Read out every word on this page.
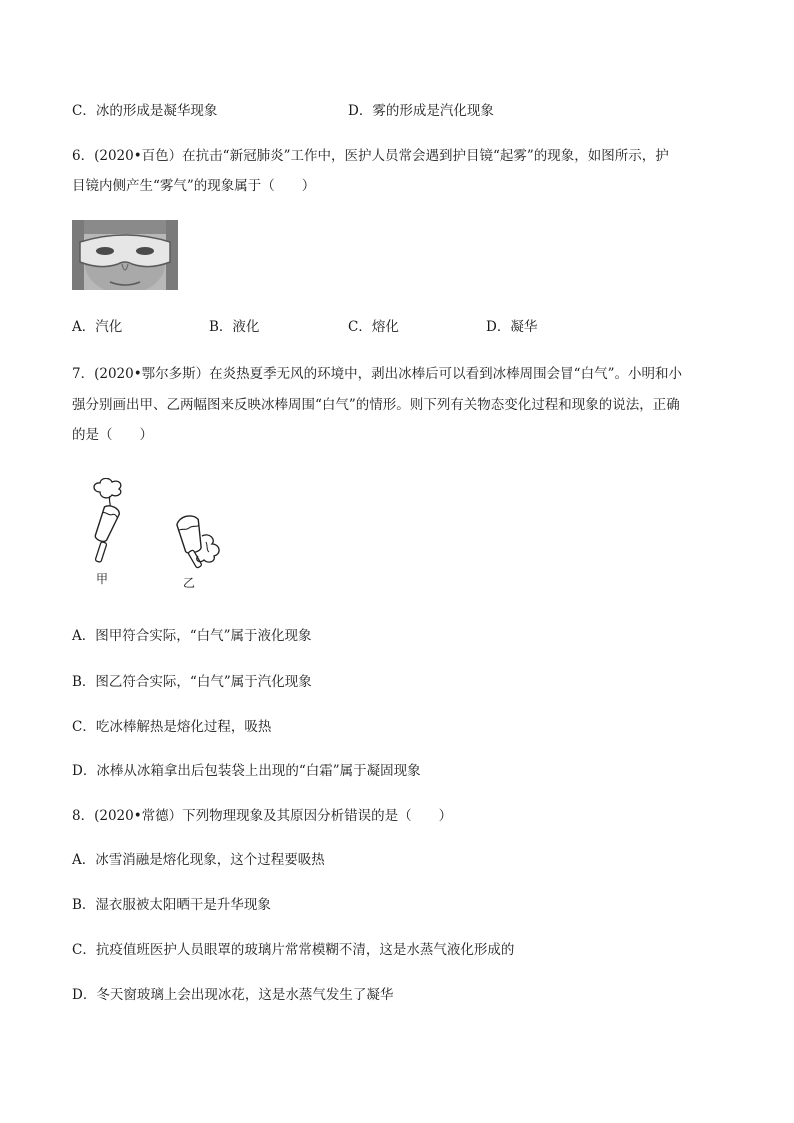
C．冰的形成是凝华现象	D．雾的形成是汽化现象
6．(2020•百色）在抗击“新冠肺炎”工作中，医护人员常会遇到护目镜“起雾”的现象，如图所示，护
目镜内侧产生“雾气”的现象属于（　　）
A．汽化	B．液化	C．熔化	D．凝华
7．(2020•鄂尔多斯）在炎热夏季无风的环境中，剥出冰棒后可以看到冰棒周围会冒“白气”。小明和小
强分别画出甲、乙两幅图来反映冰棒周围“白气”的情形。则下列有关物态变化过程和现象的说法，正确
的是（　　）
甲	乙
A．图甲符合实际，“白气”属于液化现象
B．图乙符合实际，“白气”属于汽化现象
C．吃冰棒解热是熔化过程，吸热
D．冰棒从冰箱拿出后包装袋上出现的“白霜”属于凝固现象
8．(2020•常德）下列物理现象及其原因分析错误的是（　　）
A．冰雪消融是熔化现象，这个过程要吸热
B．湿衣服被太阳晒干是升华现象
C．抗疫值班医护人员眼罩的玻璃片常常模糊不清，这是水蒸气液化形成的
D．冬天窗玻璃上会出现冰花，这是水蒸气发生了凝华
